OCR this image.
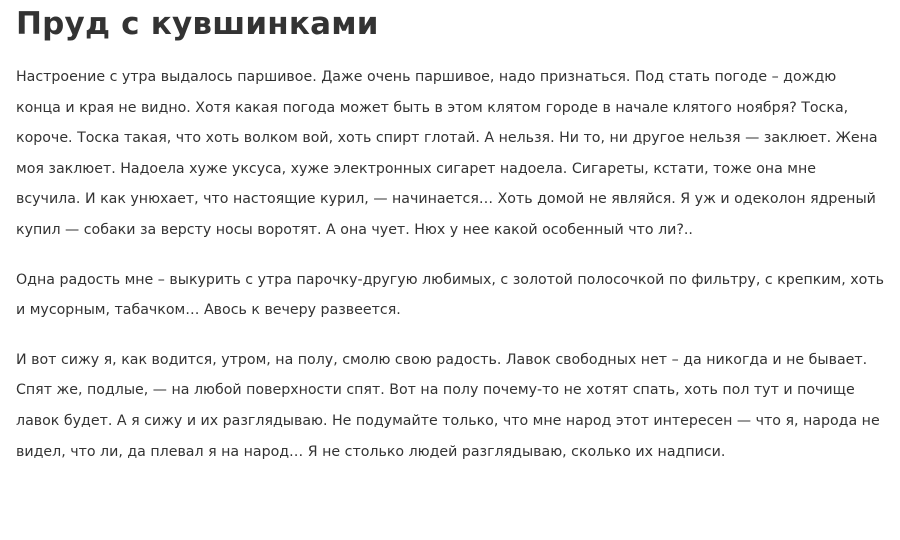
Пруд с кувшинками

Настроение с утра выдалось паршивое. Даже очень паршивое, надо признаться. Под стать погоде – дождю конца и края не видно. Хотя какая погода может быть в этом клятом городе в начале клятого ноября? Тоска, короче. Тоска такая, что хоть волком вой, хоть спирт глотай. А нельзя. Ни то, ни другое нельзя — заклюет. Жена моя заклюет. Надоела хуже уксуса, хуже электронных сигарет надоела. Сигареты, кстати, тоже она мне всучила. И как унюхает, что настоящие курил, — начинается… Хоть домой не являйся. Я уж и одеколон ядреный купил — собаки за версту носы воротят. А она чует. Нюх у нее какой особенный что ли?..

Одна радость мне – выкурить с утра парочку-другую любимых, с золотой полосочкой по фильтру, с крепким, хоть и мусорным, табачком… Авось к вечеру развеется.

И вот сижу я, как водится, утром, на полу, смолю свою радость. Лавок свободных нет – да никогда и не бывает. Спят же, подлые, — на любой поверхности спят. Вот на полу почему-то не хотят спать, хоть пол тут и почище лавок будет. А я сижу и их разглядываю. Не подумайте только, что мне народ этот интересен — что я, народа не видел, что ли, да плевал я на народ… Я не столько людей разглядываю, сколько их надписи.
